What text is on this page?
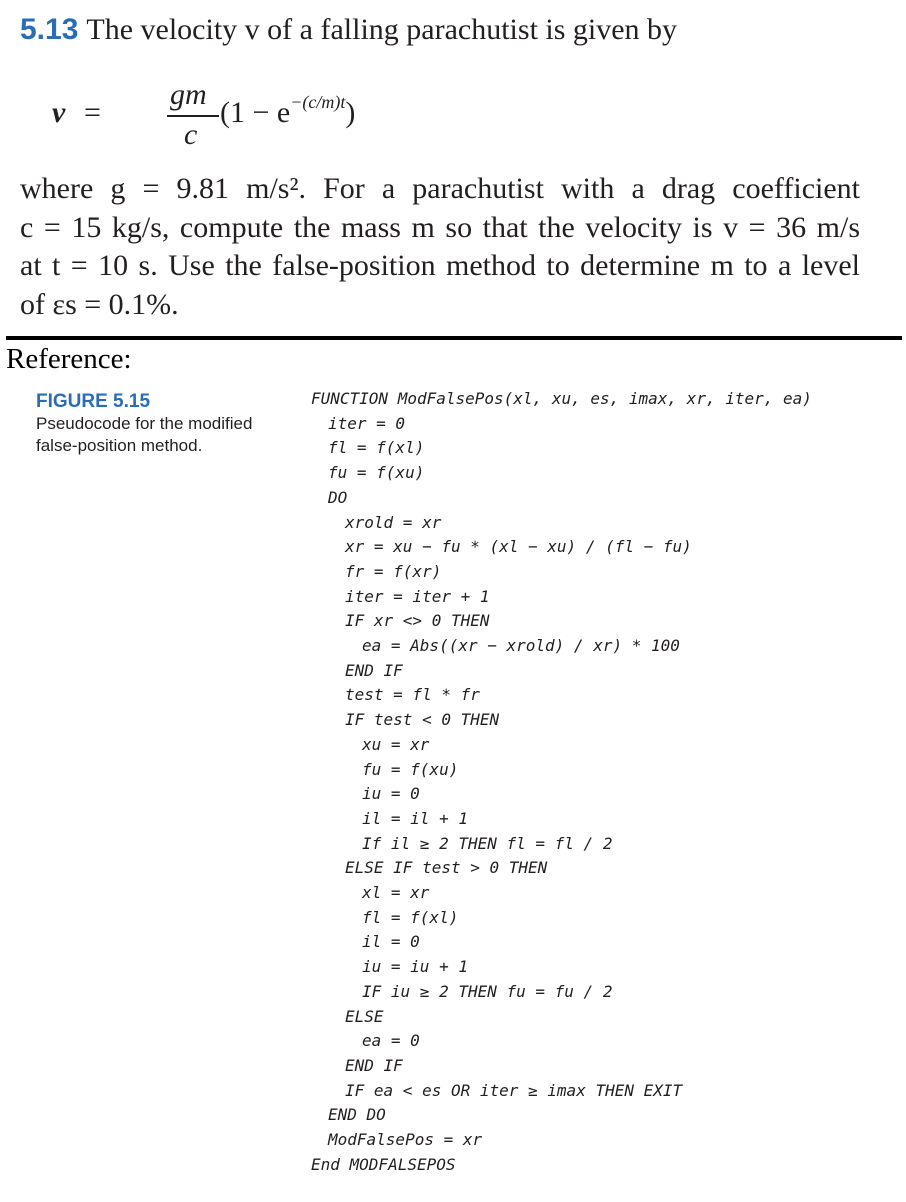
5.13 The velocity v of a falling parachutist is given by
v =
gm
c
$(1 - e^{-(c/m)t})$
where g = 9.81 m/s². For a parachutist with a drag coefficient
c = 15 kg/s, compute the mass m so that the velocity is v = 36 m/s
at t = 10 s. Use the false-position method to determine m to a level
of εs = 0.1%.
Reference:
FIGURE 5.15
Pseudocode for the modified false-position method.
FUNCTION ModFalsePos(xl, xu, es, imax, xr, iter, ea)
iter = 0
fl = f(xl)
fu = f(xu)
DO
xrold = xr
xr = xu − fu * (xl − xu) / (fl − fu)
fr = f(xr)
iter = iter + 1
IF xr <> 0 THEN
ea = Abs((xr − xrold) / xr) * 100
END IF
test = fl * fr
IF test < 0 THEN
xu = xr
fu = f(xu)
iu = 0
il = il + 1
If il ≥ 2 THEN fl = fl / 2
ELSE IF test > 0 THEN
xl = xr
fl = f(xl)
il = 0
iu = iu + 1
IF iu ≥ 2 THEN fu = fu / 2
ELSE
ea = 0
END IF
IF ea < es OR iter ≥ imax THEN EXIT
END DO
ModFalsePos = xr
End MODFALSEPOS
